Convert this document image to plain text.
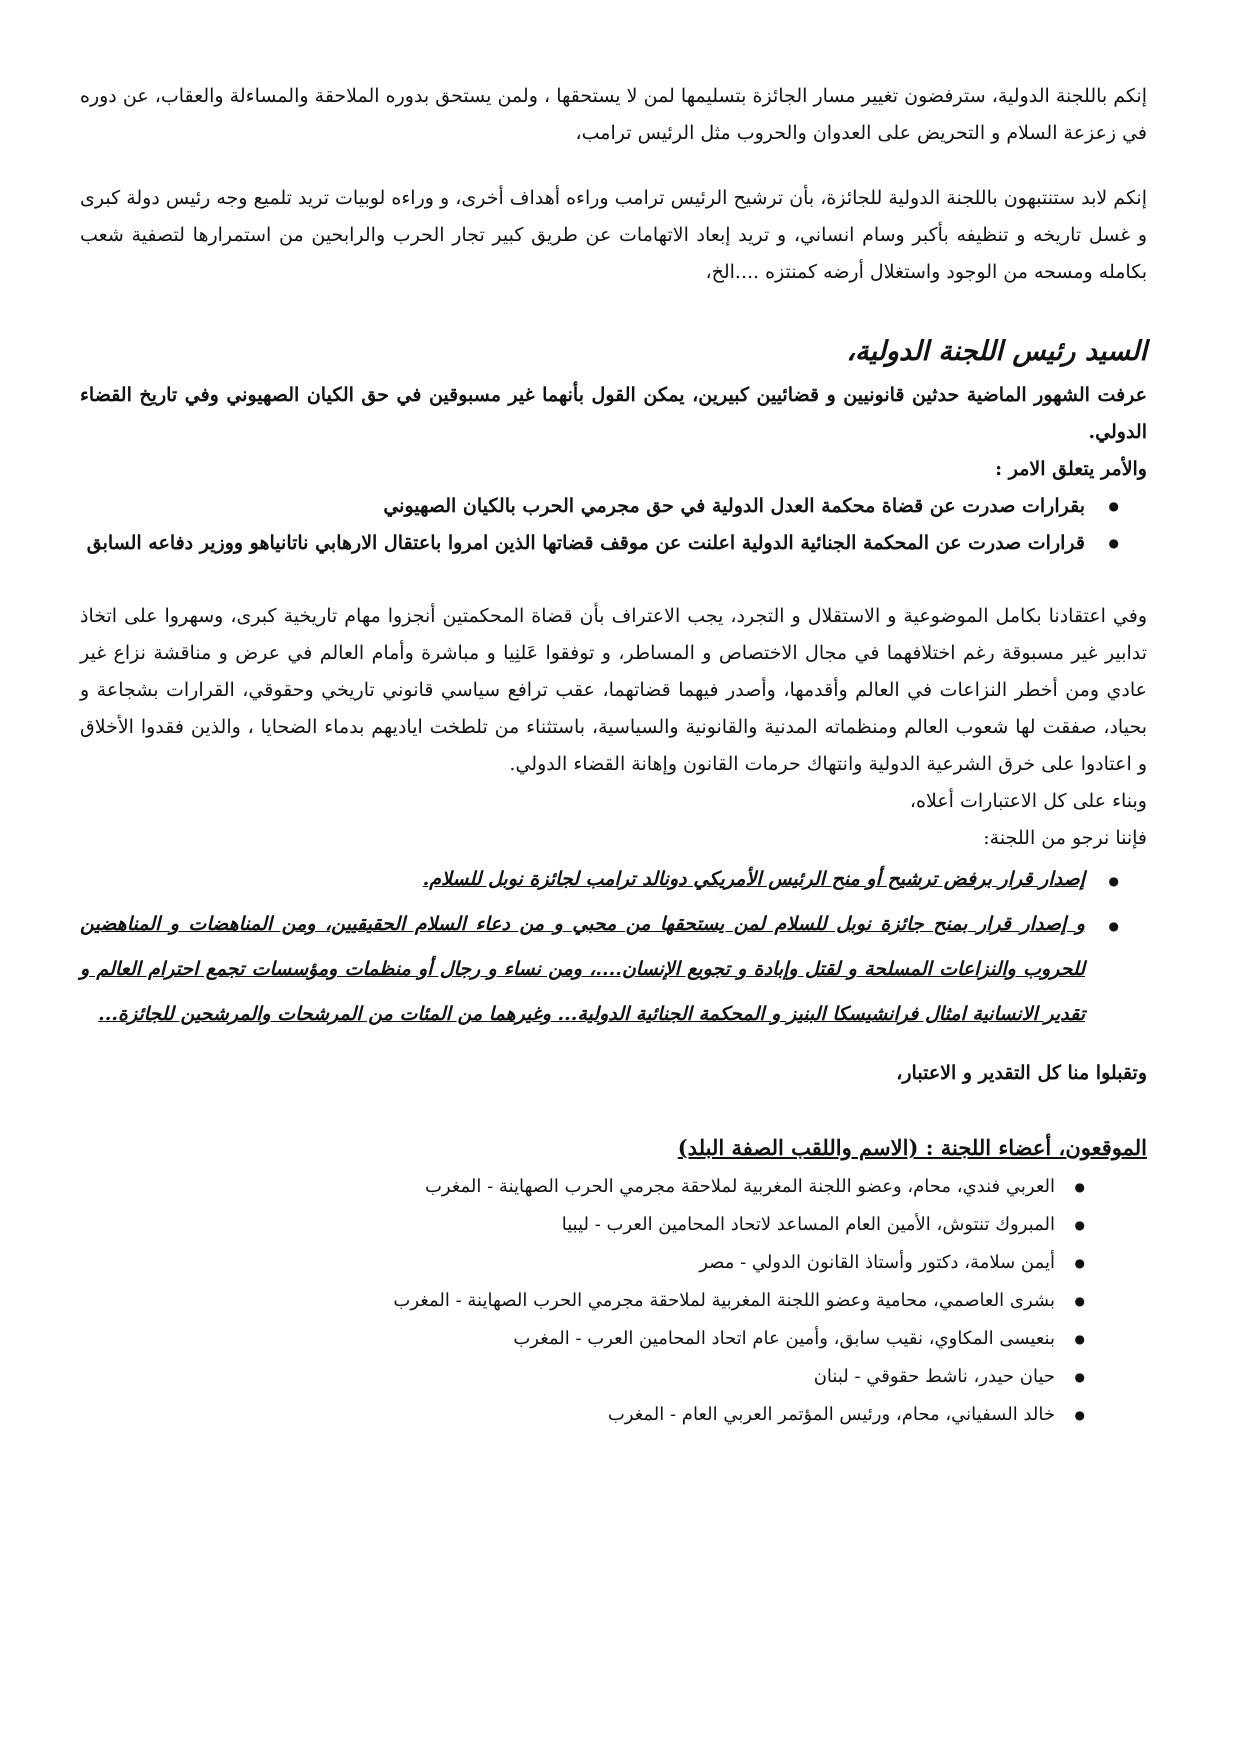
إنكم باللجنة الدولية، سترفضون تغيير مسار الجائزة بتسليمها لمن لا يستحقها ، ولمن يستحق بدوره الملاحقة والمساءلة والعقاب، عن دوره في زعزعة السلام و التحريض على العدوان والحروب مثل الرئيس ترامب،

إنكم لابد ستنتبهون باللجنة الدولية للجائزة، بأن ترشيح الرئيس ترامب وراءه أهداف أخرى، و وراءه لوبيات تريد تلميع وجه رئيس دولة كبرى و غسل تاريخه و تنظيفه بأكبر وسام انساني، و تريد إبعاد الاتهامات عن طريق كبير تجار الحرب والرابحين من استمرارها لتصفية شعب بكامله ومسحه من الوجود واستغلال أرضه كمنتزه ....الخ،

السيد رئيس اللجنة الدولية،

عرفت الشهور الماضية حدثين قانونيين و قضائيين كبيرين، يمكن القول بأنهما غير مسبوقين في حق الكيان الصهيوني وفي تاريخ القضاء الدولي.

والأمر يتعلق الامر :

● بقرارات صدرت عن قضاة محكمة العدل الدولية في حق مجرمي الحرب بالكيان الصهيوني
● قرارات صدرت عن المحكمة الجنائية الدولية اعلنت عن موقف قضاتها الذين امروا باعتقال الارهابي ناتانياهو ووزير دفاعه السابق

وفي اعتقادنا بكامل الموضوعية و الاستقلال و التجرد، يجب الاعتراف بأن قضاة المحكمتين أنجزوا مهام تاريخية كبرى، وسهروا على اتخاذ تدابير غير مسبوقة رغم اختلافهما في مجال الاختصاص و المساطر، و توفقوا عَلنِيا و مباشرة وأمام العالم في عرض و مناقشة نزاع غير عادي ومن أخطر النزاعات في العالم وأقدمها، وأصدر فيهما قضاتهما، عقب ترافع سياسي قانوني تاريخي وحقوقي، القرارات بشجاعة و بحياد، صفقت لها شعوب العالم ومنظماته المدنية والقانونية والسياسية، باستثناء من تلطخت اياديهم بدماء الضحايا ، والذين فقدوا الأخلاق و اعتادوا على خرق الشرعية الدولية وانتهاك حرمات القانون وإهانة القضاء الدولي.

وبناء على كل الاعتبارات أعلاه،

فإننا نرجو من اللجنة:

● إصدار قرار برفض ترشيح أو منح الرئيس الأمريكي دونالد ترامب لجائزة نوبل للسلام.
● و إصدار قرار بمنح جائزة نوبل للسلام لمن يستحقها من محبي و من دعاء السلام الحقيقيين، ومن المناهضات و المناهضين للحروب والنزاعات المسلحة و لقتل وإبادة و تجويع الإنسان....، ومن نساء و رجال أو منظمات ومؤسسات تجمع احترام العالم و تقدير الانسانية امثال فرانشيسكا البنيز و المحكمة الجنائية الدولية... وغيرهما من المئات من المرشحات والمرشحين للجائزة...

وتقبلوا منا كل التقدير و الاعتبار،

الموقعون، أعضاء اللجنة : (الاسم واللقب الصفة البلد)

● العربي فندي، محام، وعضو اللجنة المغربية لملاحقة مجرمي الحرب الصهاينة - المغرب
● المبروك تنتوش، الأمين العام المساعد لاتحاد المحامين العرب - ليبيا
● أيمن سلامة، دكتور وأستاذ القانون الدولي - مصر
● بشرى العاصمي، محامية وعضو اللجنة المغربية لملاحقة مجرمي الحرب الصهاينة - المغرب
● بنعيسى المكاوي، نقيب سابق، وأمين عام اتحاد المحامين العرب - المغرب
● حيان حيدر، ناشط حقوقي - لبنان
● خالد السفياني، محام، ورئيس المؤتمر العربي العام - المغرب
